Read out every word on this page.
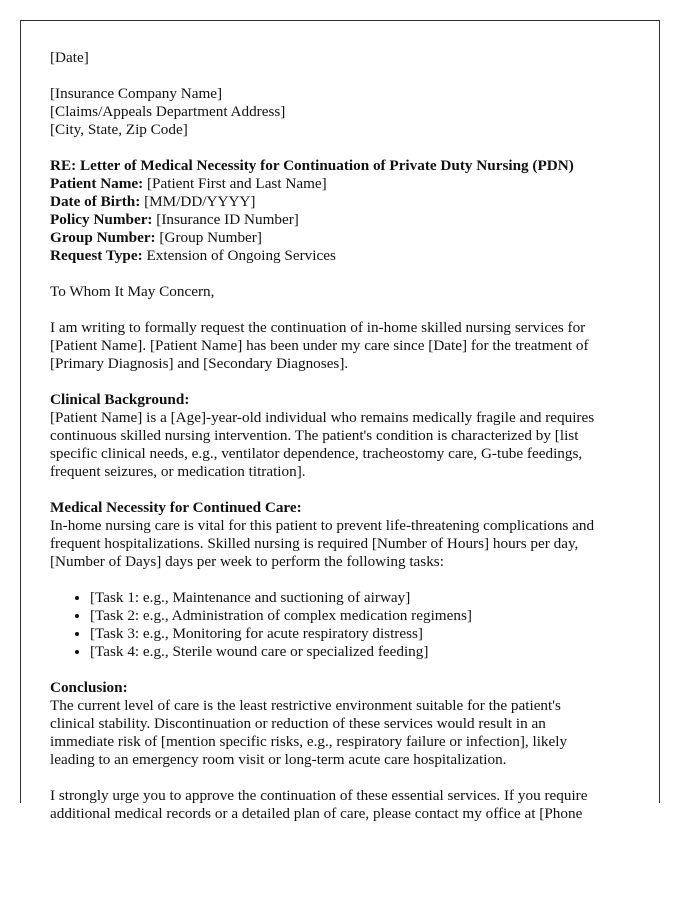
[Date]
[Insurance Company Name]
[Claims/Appeals Department Address]
[City, State, Zip Code]
RE: Letter of Medical Necessity for Continuation of Private Duty Nursing (PDN)
Patient Name: [Patient First and Last Name]
Date of Birth: [MM/DD/YYYY]
Policy Number: [Insurance ID Number]
Group Number: [Group Number]
Request Type: Extension of Ongoing Services
To Whom It May Concern,
I am writing to formally request the continuation of in-home skilled nursing services for
[Patient Name]. [Patient Name] has been under my care since [Date] for the treatment of
[Primary Diagnosis] and [Secondary Diagnoses].
Clinical Background:
[Patient Name] is a [Age]-year-old individual who remains medically fragile and requires
continuous skilled nursing intervention. The patient's condition is characterized by [list
specific clinical needs, e.g., ventilator dependence, tracheostomy care, G-tube feedings,
frequent seizures, or medication titration].
Medical Necessity for Continued Care:
In-home nursing care is vital for this patient to prevent life-threatening complications and
frequent hospitalizations. Skilled nursing is required [Number of Hours] hours per day,
[Number of Days] days per week to perform the following tasks:
• [Task 1: e.g., Maintenance and suctioning of airway]
• [Task 2: e.g., Administration of complex medication regimens]
• [Task 3: e.g., Monitoring for acute respiratory distress]
• [Task 4: e.g., Sterile wound care or specialized feeding]
Conclusion:
The current level of care is the least restrictive environment suitable for the patient's
clinical stability. Discontinuation or reduction of these services would result in an
immediate risk of [mention specific risks, e.g., respiratory failure or infection], likely
leading to an emergency room visit or long-term acute care hospitalization.
I strongly urge you to approve the continuation of these essential services. If you require
additional medical records or a detailed plan of care, please contact my office at [Phone
